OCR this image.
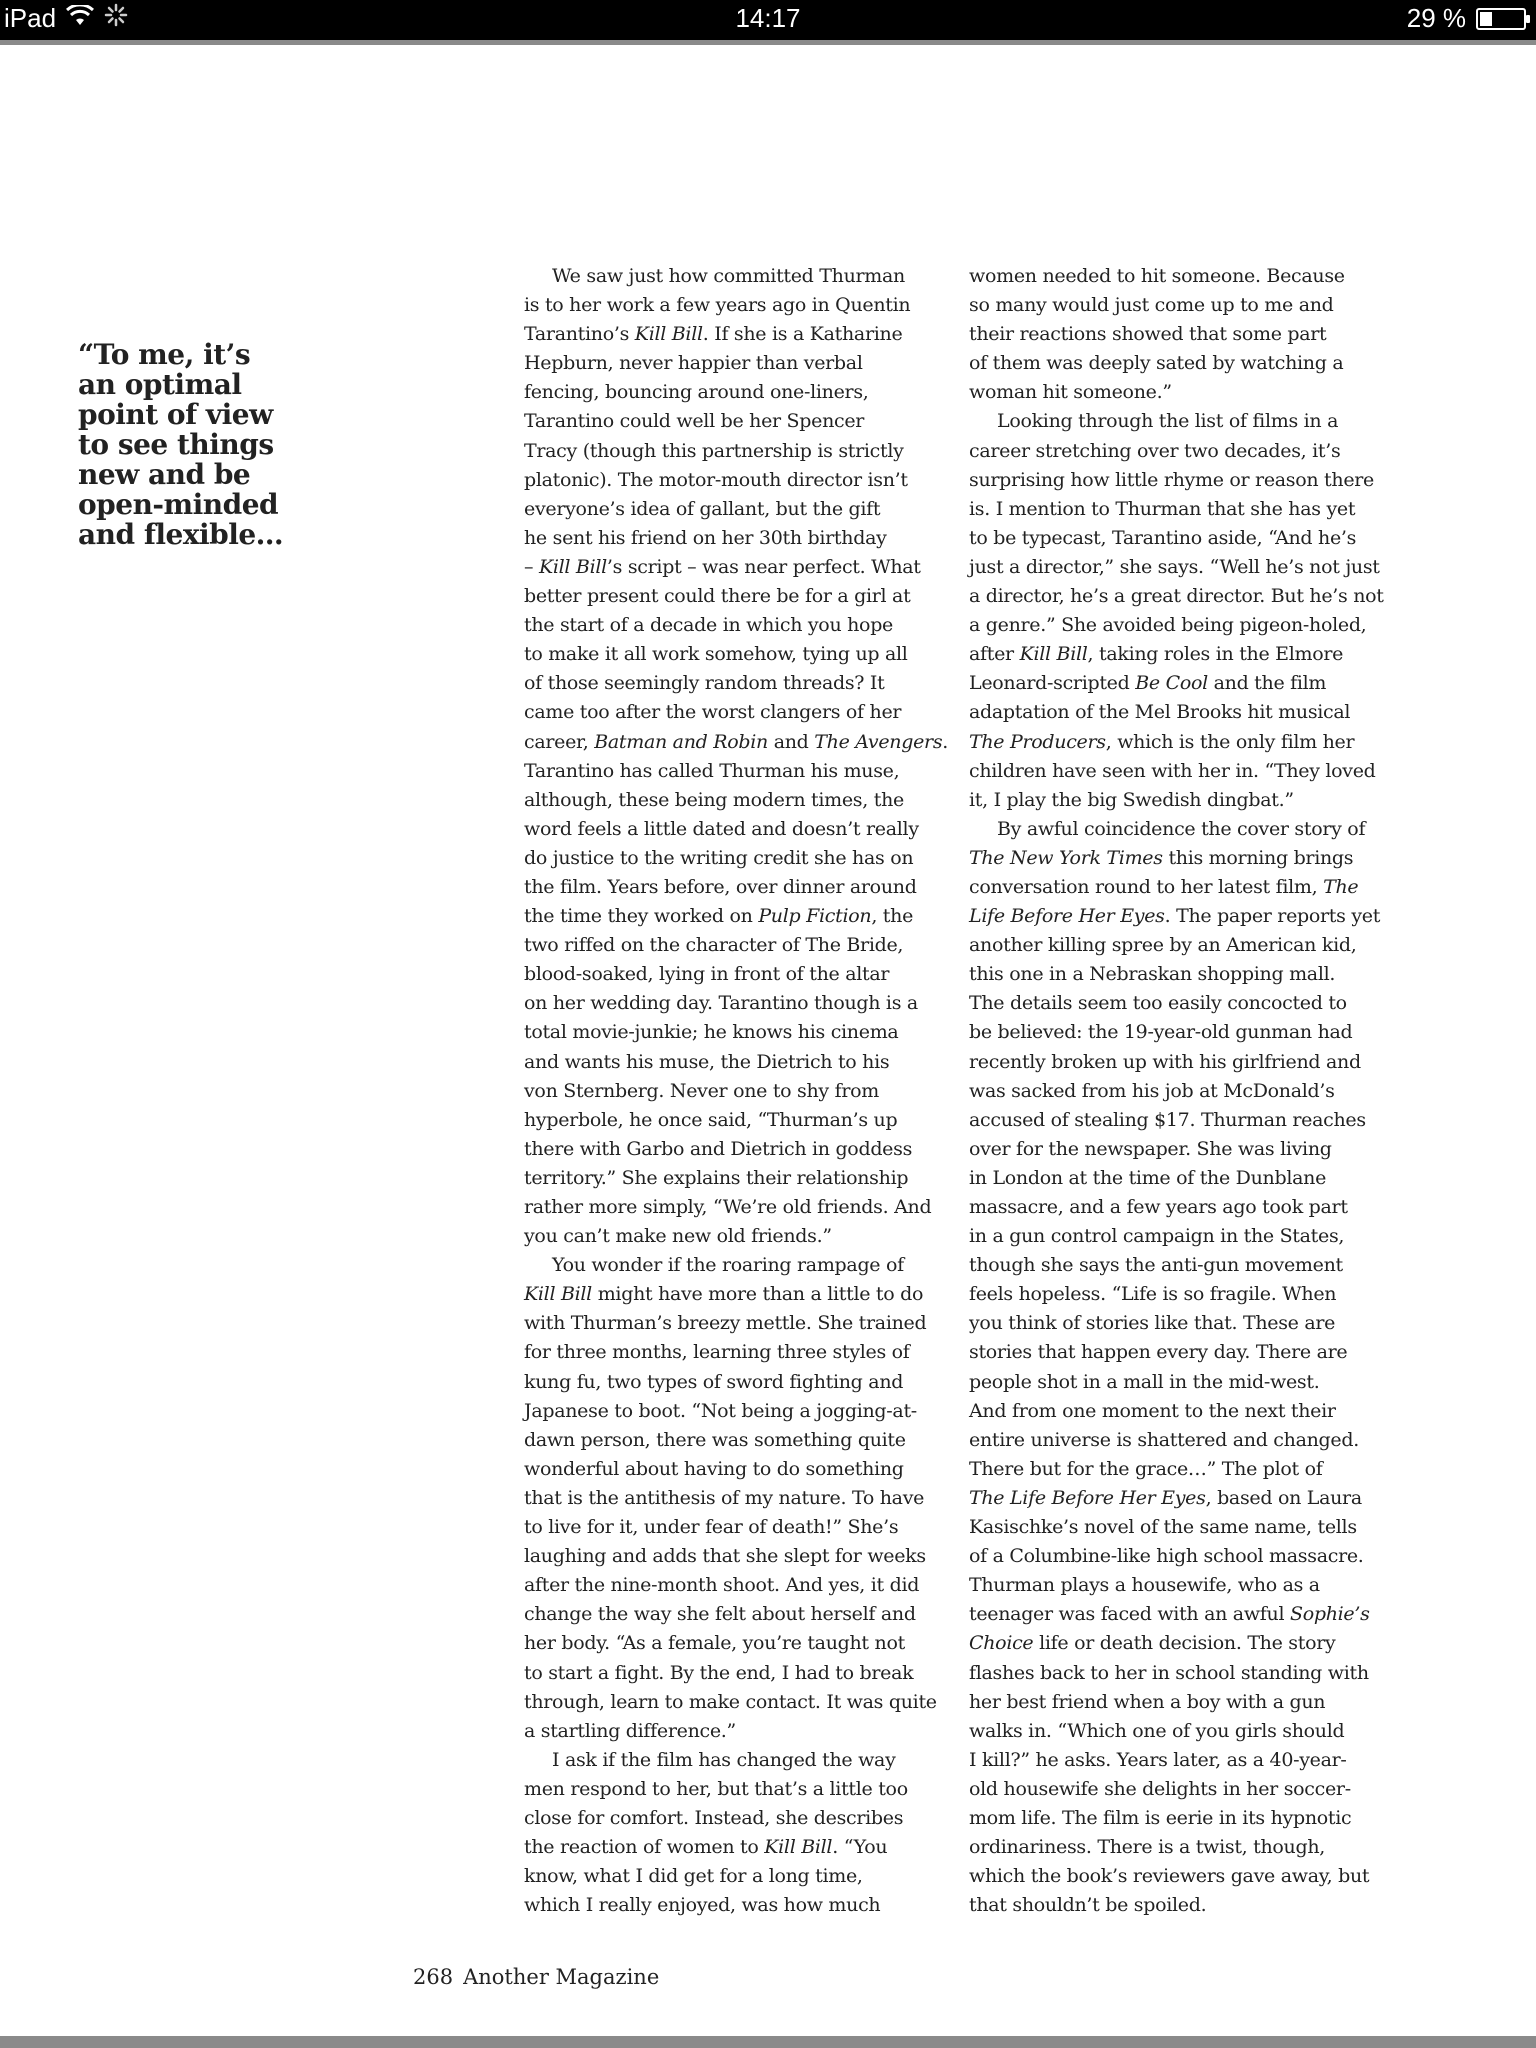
iPad	14:17	29 %
“To me, it’s
an optimal
point of view
to see things
new and be
open-minded
and flexible…
We saw just how committed Thurman
is to her work a few years ago in Quentin
Tarantino’s Kill Bill. If she is a Katharine
Hepburn, never happier than verbal
fencing, bouncing around one-liners,
Tarantino could well be her Spencer
Tracy (though this partnership is strictly
platonic). The motor-mouth director isn’t
everyone’s idea of gallant, but the gift
he sent his friend on her 30th birthday
– Kill Bill’s script – was near perfect. What
better present could there be for a girl at
the start of a decade in which you hope
to make it all work somehow, tying up all
of those seemingly random threads? It
came too after the worst clangers of her
career, Batman and Robin and The Avengers.
Tarantino has called Thurman his muse,
although, these being modern times, the
word feels a little dated and doesn’t really
do justice to the writing credit she has on
the film. Years before, over dinner around
the time they worked on Pulp Fiction, the
two riffed on the character of The Bride,
blood-soaked, lying in front of the altar
on her wedding day. Tarantino though is a
total movie-junkie; he knows his cinema
and wants his muse, the Dietrich to his
von Sternberg. Never one to shy from
hyperbole, he once said, “Thurman’s up
there with Garbo and Dietrich in goddess
territory.” She explains their relationship
rather more simply, “We’re old friends. And
you can’t make new old friends.”
You wonder if the roaring rampage of
Kill Bill might have more than a little to do
with Thurman’s breezy mettle. She trained
for three months, learning three styles of
kung fu, two types of sword fighting and
Japanese to boot. “Not being a jogging-at-
dawn person, there was something quite
wonderful about having to do something
that is the antithesis of my nature. To have
to live for it, under fear of death!” She’s
laughing and adds that she slept for weeks
after the nine-month shoot. And yes, it did
change the way she felt about herself and
her body. “As a female, you’re taught not
to start a fight. By the end, I had to break
through, learn to make contact. It was quite
a startling difference.”
I ask if the film has changed the way
men respond to her, but that’s a little too
close for comfort. Instead, she describes
the reaction of women to Kill Bill. “You
know, what I did get for a long time,
which I really enjoyed, was how much
women needed to hit someone. Because
so many would just come up to me and
their reactions showed that some part
of them was deeply sated by watching a
woman hit someone.”
Looking through the list of films in a
career stretching over two decades, it’s
surprising how little rhyme or reason there
is. I mention to Thurman that she has yet
to be typecast, Tarantino aside, “And he’s
just a director,” she says. “Well he’s not just
a director, he’s a great director. But he’s not
a genre.” She avoided being pigeon-holed,
after Kill Bill, taking roles in the Elmore
Leonard-scripted Be Cool and the film
adaptation of the Mel Brooks hit musical
The Producers, which is the only film her
children have seen with her in. “They loved
it, I play the big Swedish dingbat.”
By awful coincidence the cover story of
The New York Times this morning brings
conversation round to her latest film, The
Life Before Her Eyes. The paper reports yet
another killing spree by an American kid,
this one in a Nebraskan shopping mall.
The details seem too easily concocted to
be believed: the 19-year-old gunman had
recently broken up with his girlfriend and
was sacked from his job at McDonald’s
accused of stealing $17. Thurman reaches
over for the newspaper. She was living
in London at the time of the Dunblane
massacre, and a few years ago took part
in a gun control campaign in the States,
though she says the anti-gun movement
feels hopeless. “Life is so fragile. When
you think of stories like that. These are
stories that happen every day. There are
people shot in a mall in the mid-west.
And from one moment to the next their
entire universe is shattered and changed.
There but for the grace…” The plot of
The Life Before Her Eyes, based on Laura
Kasischke’s novel of the same name, tells
of a Columbine-like high school massacre.
Thurman plays a housewife, who as a
teenager was faced with an awful Sophie’s
Choice life or death decision. The story
flashes back to her in school standing with
her best friend when a boy with a gun
walks in. “Which one of you girls should
I kill?” he asks. Years later, as a 40-year-
old housewife she delights in her soccer-
mom life. The film is eerie in its hypnotic
ordinariness. There is a twist, though,
which the book’s reviewers gave away, but
that shouldn’t be spoiled.
268 Another Magazine
